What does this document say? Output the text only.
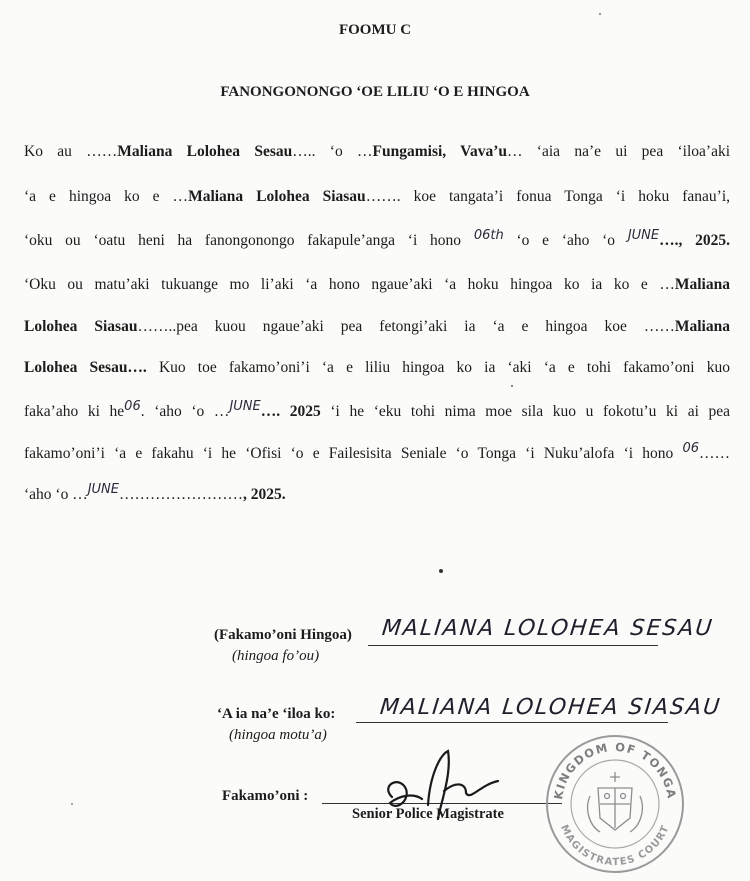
FOOMU C
FANONGONONGO ‘OE LILIU ‘O E HINGOA
Ko au ……Maliana Lolohea Sesau….. ‘o …Fungamisi, Vava’u… ‘aia na’e ui pea ‘iloa’aki
‘a e hingoa ko e …Maliana Lolohea Siasau……. koe tangata’i fonua Tonga ‘i hoku fanau’i,
‘oku ou ‘oatu heni ha fanongonongo fakapule’anga ‘i hono $^{06th}$ ‘o e ‘aho ‘o $^{JUNE}$…., 2025.
‘Oku ou matu’aki tukuange mo li’aki ‘a hono ngaue’aki ‘a hoku hingoa ko ia ko e …Maliana
Lolohea Siasau……..pea kuou ngaue’aki pea fetongi’aki ia ‘a e hingoa koe ……Maliana
Lolohea Sesau…. Kuo toe fakamo’oni’i ‘a e liliu hingoa ko ia ‘aki ‘a e tohi fakamo’oni kuo
faka’aho ki $he^{06}$. ‘aho ‘o …$^{JUNE}$…. 2025 ‘i he ‘eku tohi nima moe sila kuo u fokotu’u ki ai pea
fakamo’oni’i ‘a e fakahu ‘i he ‘Ofisi ‘o e Failesisita Seniale ‘o Tonga ‘i Nuku’alofa ‘i hono $^{06}$……
‘aho ‘o …$^{JUNE}$……………………, 2025.
(Fakamo’oni Hingoa)
(hingoa fo’ou)
MALIANA LOLOHEA SESAU
‘A ia na’e ‘iloa ko:
(hingoa motu’a)
MALIANA LOLOHEA SIASAU
Fakamo’oni :
Senior Police Magistrate
KINGDOM OF TONGA
MAGISTRATES COURT
